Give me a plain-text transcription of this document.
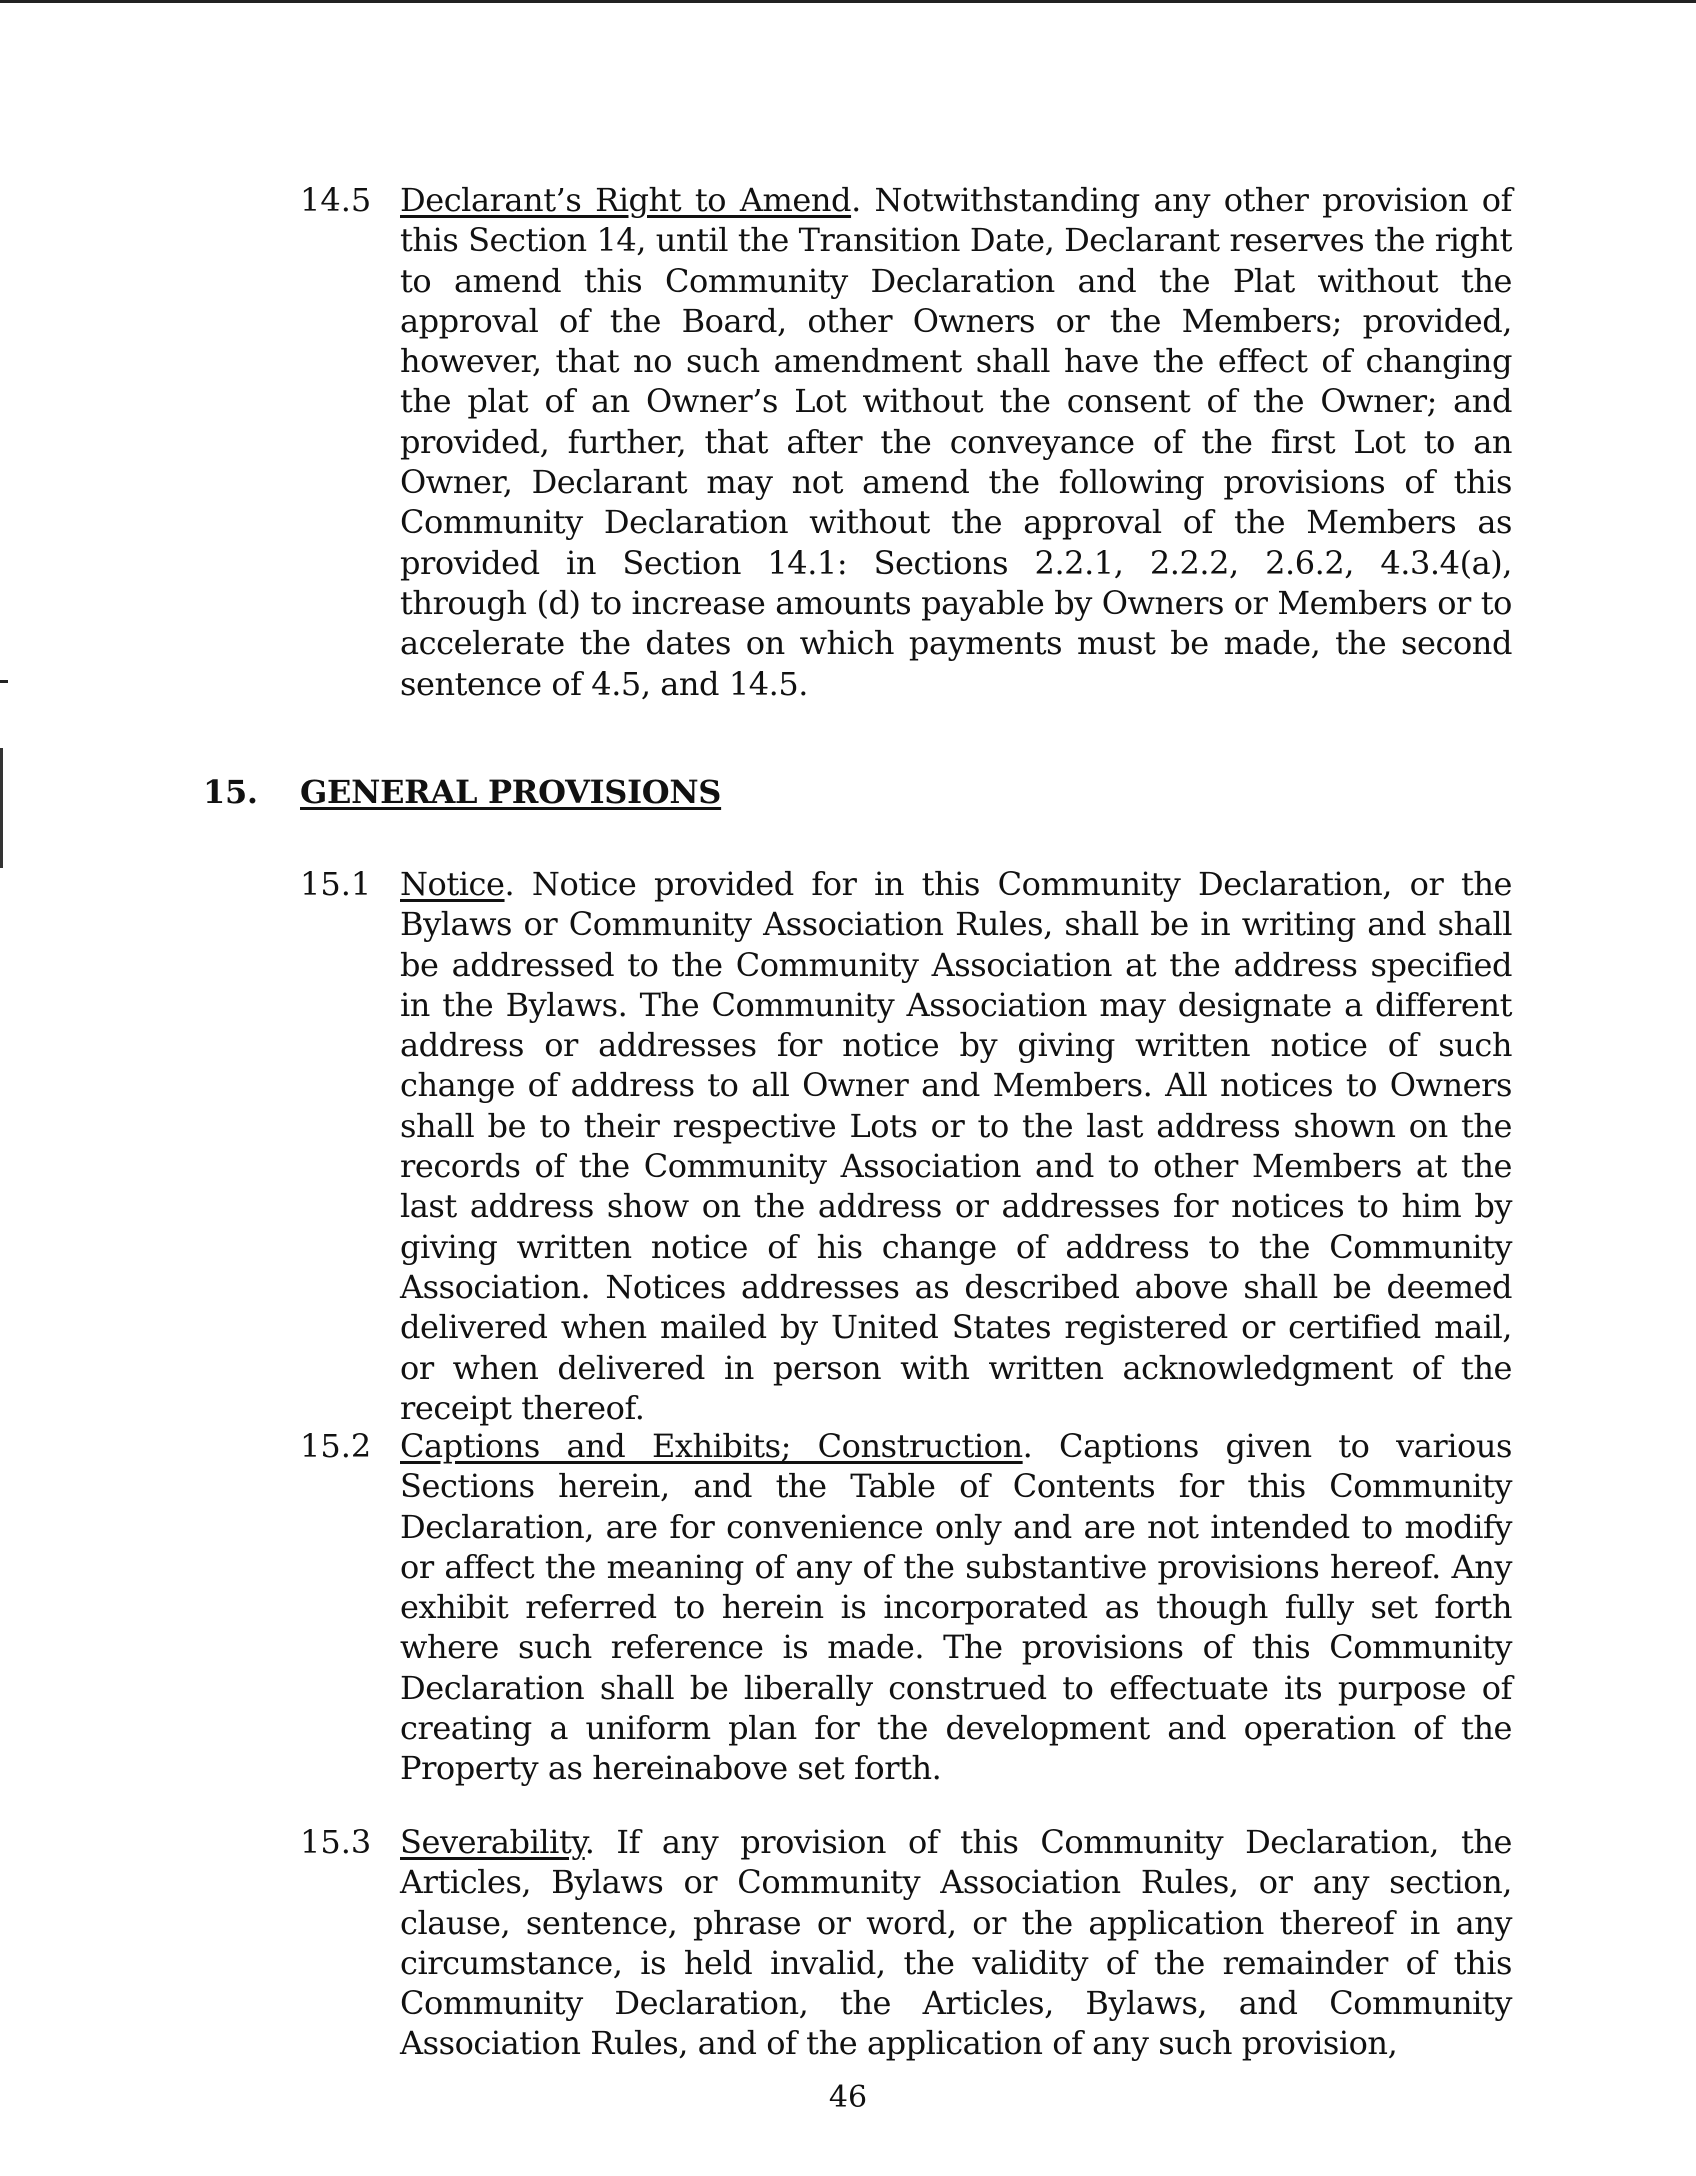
14.5 Declarant’s Right to Amend. Notwithstanding any other provision of this Section 14, until the Transition Date, Declarant reserves the right to amend this Community Declaration and the Plat without the approval of the Board, other Owners or the Members; provided, however, that no such amendment shall have the effect of changing the plat of an Owner’s Lot without the consent of the Owner; and provided, further, that after the conveyance of the first Lot to an Owner, Declarant may not amend the following provisions of this Community Declaration without the approval of the Members as provided in Section 14.1: Sections 2.2.1, 2.2.2, 2.6.2, 4.3.4(a), through (d) to increase amounts payable by Owners or Members or to accelerate the dates on which payments must be made, the second sentence of 4.5, and 14.5.
15.	GENERAL PROVISIONS
15.1 Notice. Notice provided for in this Community Declaration, or the Bylaws or Community Association Rules, shall be in writing and shall be addressed to the Community Association at the address specified in the Bylaws. The Community Association may designate a different address or addresses for notice by giving written notice of such change of address to all Owner and Members. All notices to Owners shall be to their respective Lots or to the last address shown on the records of the Community Association and to other Members at the last address show on the address or addresses for notices to him by giving written notice of his change of address to the Community Association. Notices addresses as described above shall be deemed delivered when mailed by United States registered or certified mail, or when delivered in person with written acknowledgment of the receipt thereof.
15.2 Captions and Exhibits; Construction. Captions given to various Sections herein, and the Table of Contents for this Community Declaration, are for convenience only and are not intended to modify or affect the meaning of any of the substantive provisions hereof. Any exhibit referred to herein is incorporated as though fully set forth where such reference is made. The provisions of this Community Declaration shall be liberally construed to effectuate its purpose of creating a uniform plan for the development and operation of the Property as hereinabove set forth.
15.3 Severability. If any provision of this Community Declaration, the Articles, Bylaws or Community Association Rules, or any section, clause, sentence, phrase or word, or the application thereof in any circumstance, is held invalid, the validity of the remainder of this Community Declaration, the Articles, Bylaws, and Community Association Rules, and of the application of any such provision,
46
